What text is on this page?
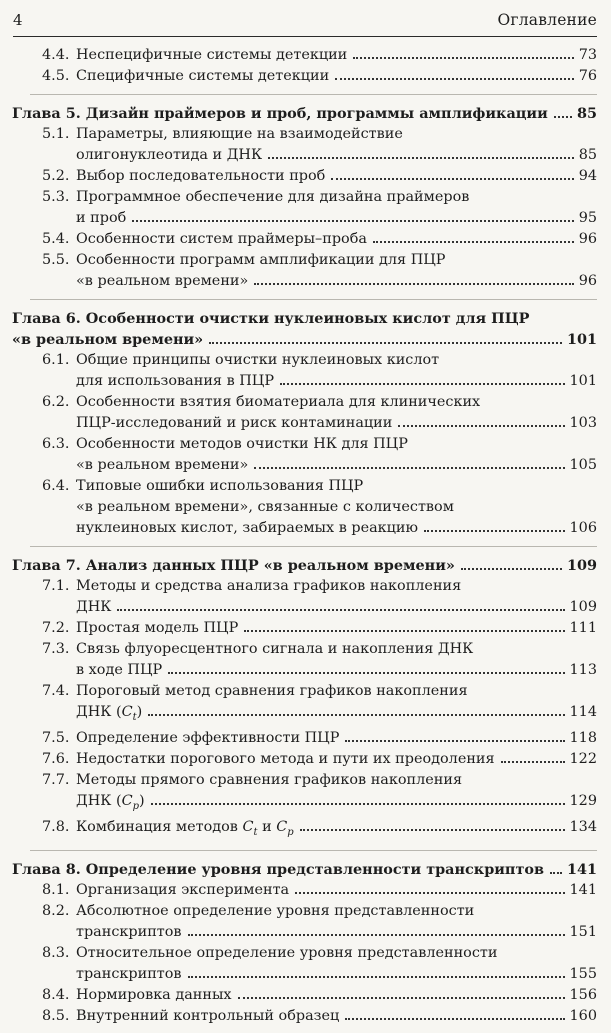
4	Оглавление
4.4. Неспецифичные системы детекции	73
4.5. Специфичные системы детекции	76
Глава 5. Дизайн праймеров и проб, программы амплификации 85
5.1. Параметры, влияющие на взаимодействие
олигонуклеотида и ДНК	85
5.2. Выбор последовательности проб	94
5.3. Программное обеспечение для дизайна праймеров
и проб	95
5.4. Особенности систем праймеры–проба	96
5.5. Особенности программ амплификации для ПЦР
«в реальном времени»	96
Глава 6. Особенности очистки нуклеиновых кислот для ПЦР
«в реальном времени»	101
6.1. Общие принципы очистки нуклеиновых кислот
для использования в ПЦР	101
6.2. Особенности взятия биоматериала для клинических
ПЦР-исследований и риск контаминации	103
6.3. Особенности методов очистки НК для ПЦР
«в реальном времени»	105
6.4. Типовые ошибки использования ПЦР
«в реальном времени», связанные с количеством
нуклеиновых кислот, забираемых в реакцию	106
Глава 7. Анализ данных ПЦР «в реальном времени»	109
7.1. Методы и средства анализа графиков накопления
ДНК	109
7.2. Простая модель ПЦР	111
7.3. Связь флуоресцентного сигнала и накопления ДНК
в ходе ПЦР	113
7.4. Пороговый метод сравнения графиков накопления
ДНК $(C_t)$	114
7.5. Определение эффективности ПЦР	118
7.6. Недостатки порогового метода и пути их преодоления	122
7.7. Методы прямого сравнения графиков накопления
ДНК $(C_p)$	129
7.8. Комбинация методов $C_t$ и $C_p$	134
Глава 8. Определение уровня представленности транскриптов 141
8.1. Организация эксперимента	141
8.2. Абсолютное определение уровня представленности
транскриптов	151
8.3. Относительное определение уровня представленности
транскриптов	155
8.4. Нормировка данных	156
8.5. Внутренний контрольный образец	160
